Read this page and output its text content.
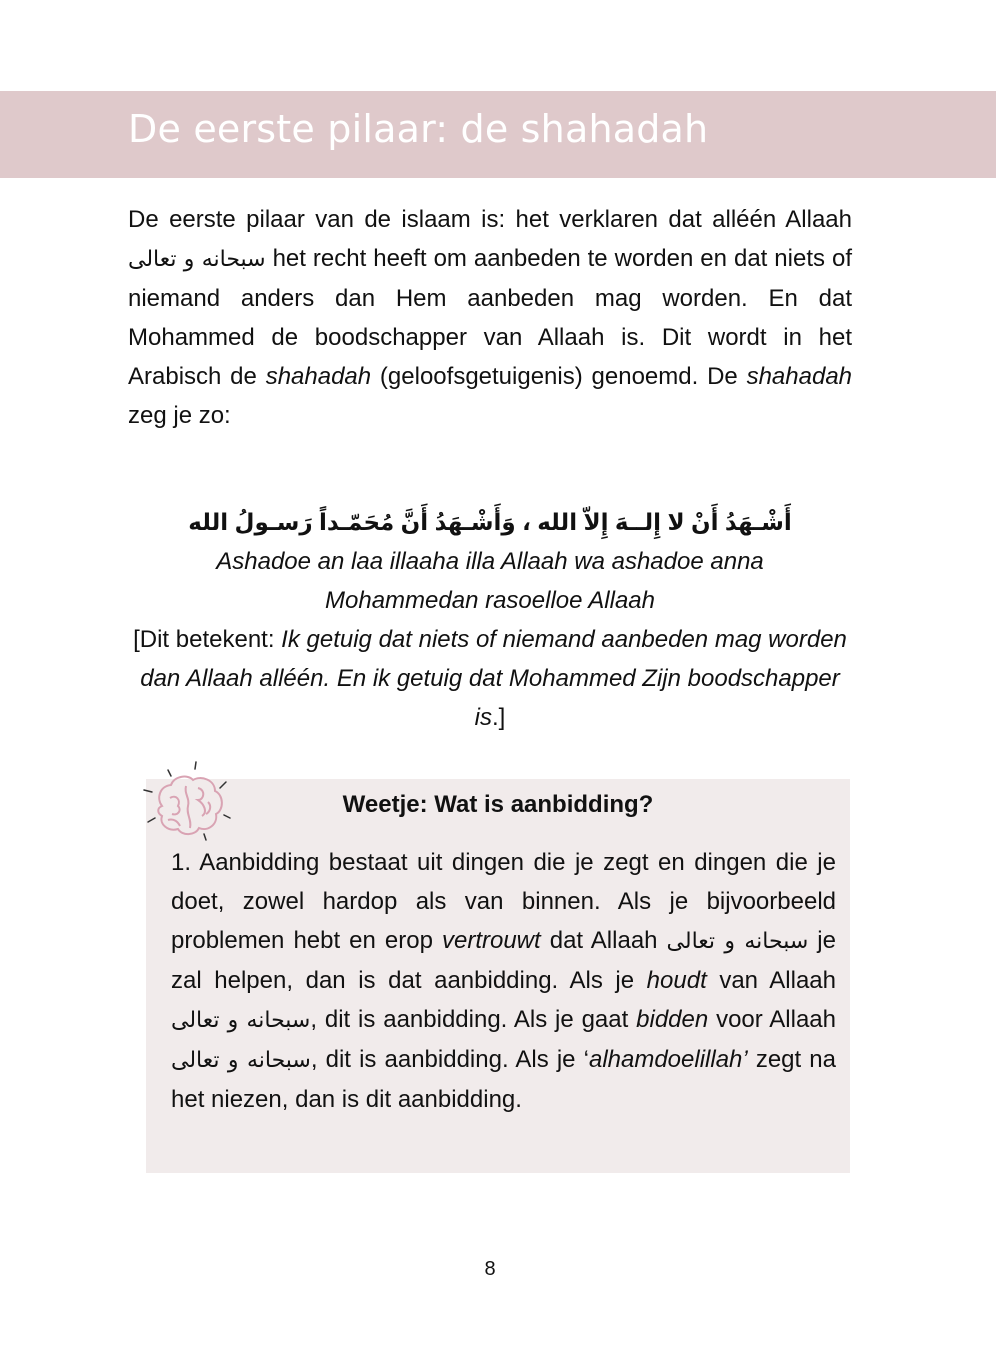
De eerste pilaar: de shahadah

De eerste pilaar van de islaam is: het verklaren dat alléén Allaah سبحانه و تعالى het recht heeft om aanbeden te worden en dat niets of niemand anders dan Hem aanbeden mag worden. En dat Mohammed de boodschapper van Allaah is. Dit wordt in het Arabisch de shahadah (geloofsgetuigenis) genoemd. De shahadah zeg je zo:

أَشْـهَدُ أَنْ لا إِلــهَ إِلاّ الله ، وَأَشْـهَدُ أَنَّ مُحَمّـداً رَسـولُ الله
Ashadoe an laa illaaha illa Allaah wa ashadoe anna
Mohammedan rasoelloe Allaah
[Dit betekent: Ik getuig dat niets of niemand aanbeden mag worden dan Allaah alléén. En ik getuig dat Mohammed Zijn boodschapper is.]
Weetje: Wat is aanbidding?

1. Aanbidding bestaat uit dingen die je zegt en dingen die je doet, zowel hardop als van binnen. Als je bijvoorbeeld problemen hebt en erop vertrouwt dat Allaah سبحانه و تعالى je zal helpen, dan is dat aanbidding. Als je houdt van Allaah سبحانه و تعالى, dit is aanbidding. Als je gaat bidden voor Allaah سبحانه و تعالى, dit is aanbidding. Als je ‘alhamdoelillah’ zegt na het niezen, dan is dit aanbidding.

8
